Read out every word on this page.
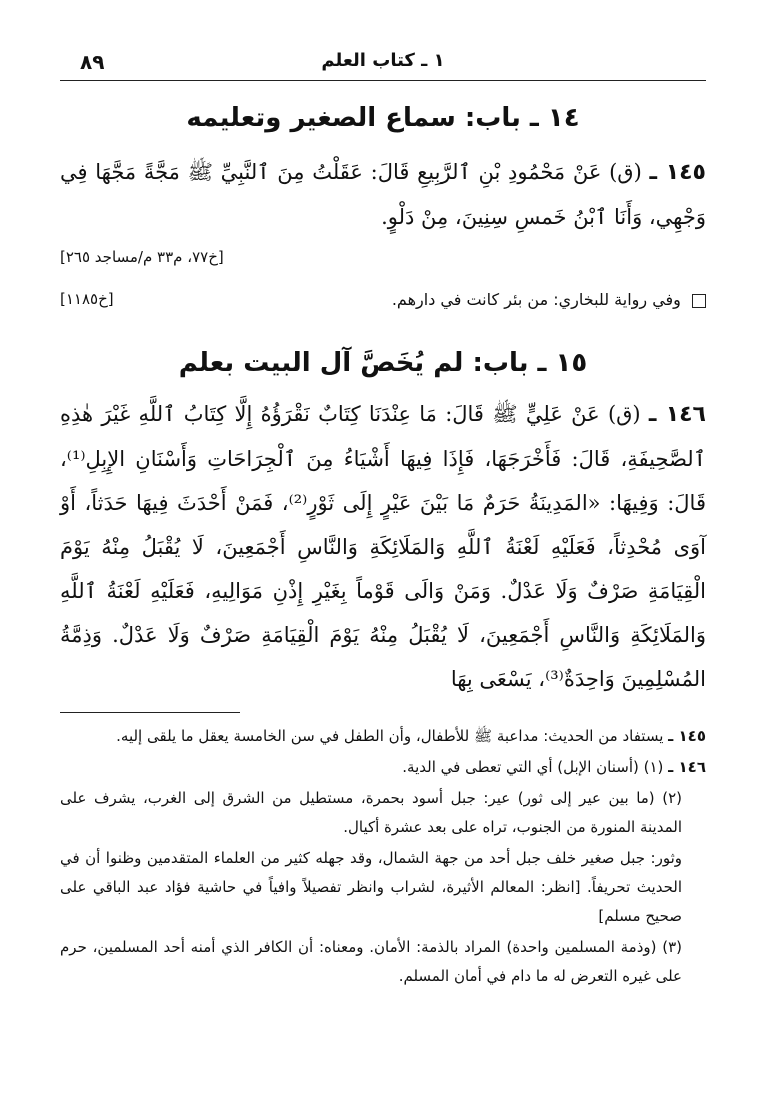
١ ـ كتاب العلم
٨٩
١٤ ـ باب: سماع الصغير وتعليمه
١٤٥ ـ (ق) عَنْ مَحْمُودِ بْنِ ٱلرَّبِيعِ قَالَ: عَقَلْتُ مِنَ ٱلنَّبِيِّ ﷺ مَجَّةً مَجَّهَا فِي وَجْهِي، وَأَنَا ٱبْنُ خَمسِ سِنِينَ، مِنْ دَلْوٍ.
[خ٧٧، م٣٣ م/مساجد ٢٦٥]
وفي رواية للبخاري: من بئر كانت في دارهم.
[خ١١٨٥]
١٥ ـ باب: لم يُخَصَّ آل البيت بعلم
١٤٦ ـ (ق) عَنْ عَلِيٍّ ﷺ قَالَ: مَا عِنْدَنَا كِتَابٌ نَقْرَؤُهُ إِلَّا كِتَابُ ٱللَّهِ غَيْرَ هٰذِهِ ٱلصَّحِيفَةِ، قَالَ: فَأَخْرَجَهَا، فَإِذَا فِيهَا أَشْيَاءُ مِنَ ٱلْجِرَاحَاتِ وَأَسْنَانِ الإِبِلِ⁽¹⁾، قَالَ: وَفِيهَا: «المَدِينَةُ حَرَمٌ مَا بَيْنَ عَيْرٍ إِلَى ثَوْرٍ⁽²⁾، فَمَنْ أَحْدَثَ فِيهَا حَدَثاً، أَوْ آوَى مُحْدِثاً، فَعَلَيْهِ لَعْنَةُ ٱللَّهِ وَالمَلَائِكَةِ وَالنَّاسِ أَجْمَعِينَ، لَا يُقْبَلُ مِنْهُ يَوْمَ الْقِيَامَةِ صَرْفٌ وَلَا عَدْلٌ. وَمَنْ وَالَى قَوْماً بِغَيْرِ إِذْنِ مَوَالِيهِ، فَعَلَيْهِ لَعْنَةُ ٱللَّهِ وَالمَلَائِكَةِ وَالنَّاسِ أَجْمَعِينَ، لَا يُقْبَلُ مِنْهُ يَوْمَ الْقِيَامَةِ صَرْفٌ وَلَا عَدْلٌ. وَذِمَّةُ المُسْلِمِينَ وَاحِدَةٌ⁽³⁾، يَسْعَى بِهَا

١٤٥ ـ يستفاد من الحديث: مداعبة ﷺ للأطفال، وأن الطفل في سن الخامسة يعقل ما يلقى إليه.

١٤٦ ـ (١) (أسنان الإبل) أي التي تعطى في الدية.

(٢) (ما بين عير إلى ثور) عير: جبل أسود بحمرة، مستطيل من الشرق إلى الغرب، يشرف على المدينة المنورة من الجنوب، تراه على بعد عشرة أكيال.

وثور: جبل صغير خلف جبل أحد من جهة الشمال، وقد جهله كثير من العلماء المتقدمين وظنوا أن في الحديث تحريفاً. [انظر: المعالم الأثيرة، لشراب وانظر تفصيلاً وافياً في حاشية فؤاد عبد الباقي على صحيح مسلم]

(٣) (وذمة المسلمين واحدة) المراد بالذمة: الأمان. ومعناه: أن الكافر الذي أمنه أحد المسلمين، حرم على غيره التعرض له ما دام في أمان المسلم.
